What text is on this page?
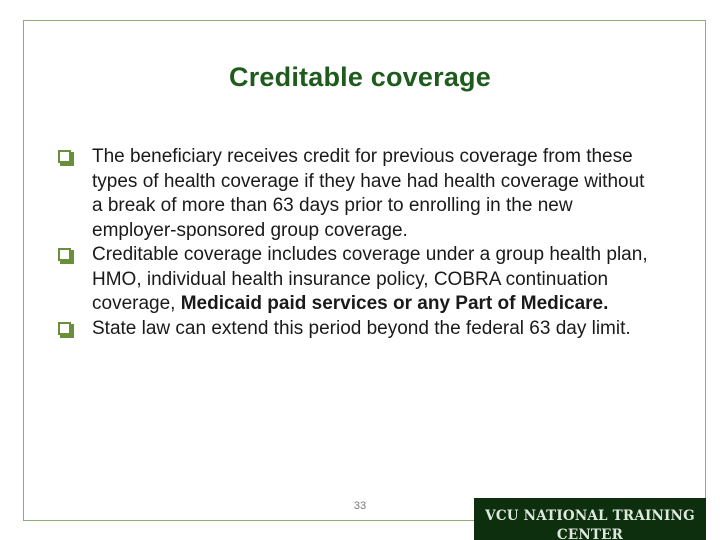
Creditable coverage
The beneficiary receives credit for previous coverage from these types of health coverage if they have had health coverage without a break of more than 63 days prior to enrolling in the new employer-sponsored group coverage.
Creditable coverage includes coverage under a group health plan, HMO, individual health insurance policy, COBRA continuation coverage, Medicaid paid services or any Part of Medicare.
State law can extend this period beyond the federal 63 day limit.
33
VCU NATIONAL TRAINING
CENTER
